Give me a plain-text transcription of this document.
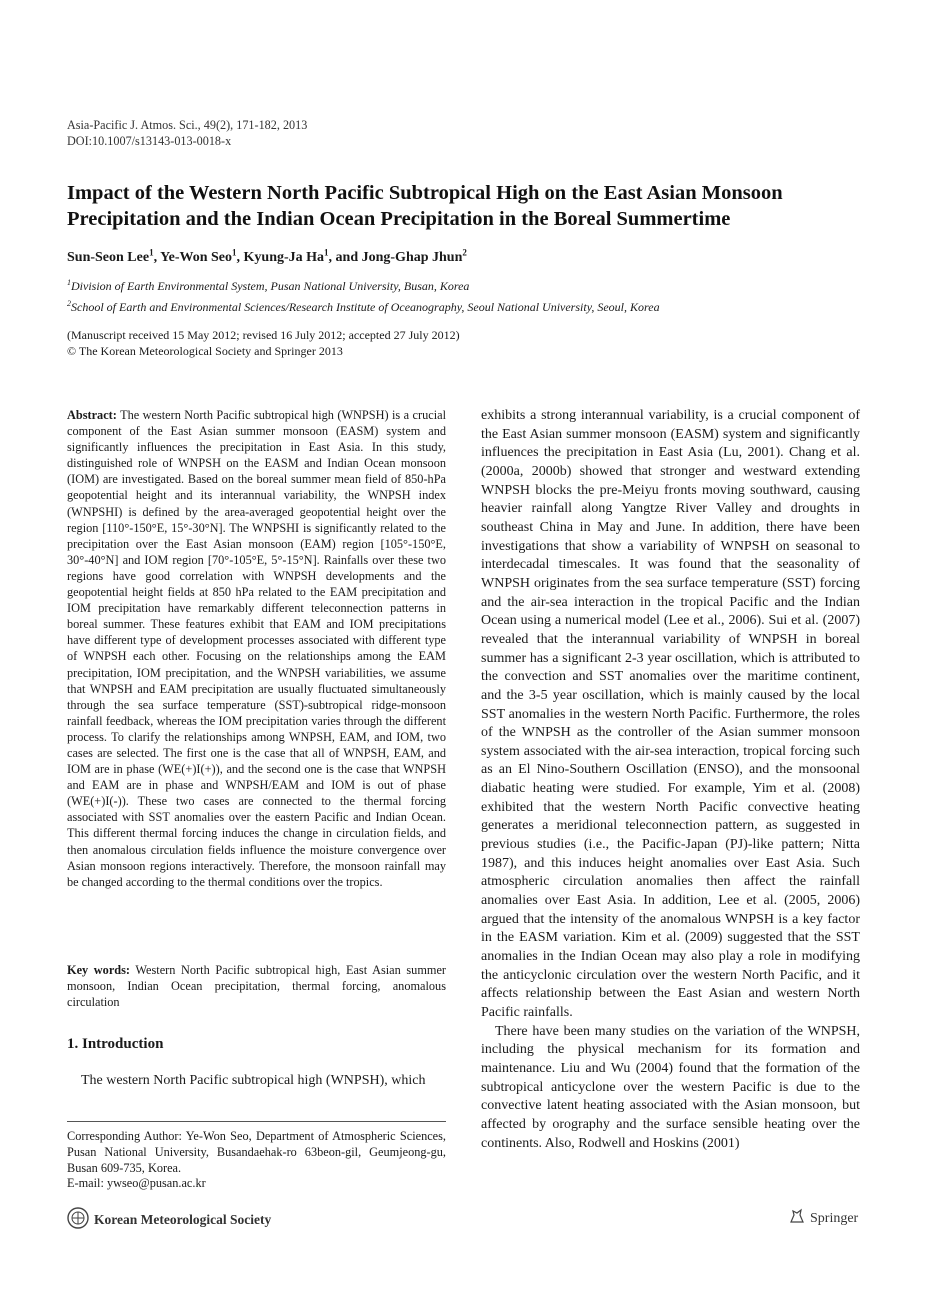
Asia-Pacific J. Atmos. Sci., 49(2), 171-182, 2013
DOI:10.1007/s13143-013-0018-x
Impact of the Western North Pacific Subtropical High on the East Asian Monsoon
Precipitation and the Indian Ocean Precipitation in the Boreal Summertime
Sun-Seon Lee$^1$, Ye-Won Seo$^1$, Kyung-Ja Ha$^1$, and Jong-Ghap Jhun$^2$
$^1$Division of Earth Environmental System, Pusan National University, Busan, Korea
$^2$School of Earth and Environmental Sciences/Research Institute of Oceanography, Seoul National University, Seoul, Korea
(Manuscript received 15 May 2012; revised 16 July 2012; accepted 27 July 2012)
© The Korean Meteorological Society and Springer 2013
Abstract: The western North Pacific subtropical high (WNPSH) is a crucial component of the East Asian summer monsoon (EASM) system and significantly influences the precipitation in East Asia. In this study, distinguished role of WNPSH on the EASM and Indian Ocean monsoon (IOM) are investigated. Based on the boreal summer mean field of 850-hPa geopotential height and its interannual variability, the WNPSH index (WNPSHI) is defined by the area-averaged geopotential height over the region [110°-150°E, 15°-30°N]. The WNPSHI is significantly related to the precipitation over the East Asian monsoon (EAM) region [105°-150°E, 30°-40°N] and IOM region [70°-105°E, 5°-15°N]. Rainfalls over these two regions have good correlation with WNPSH developments and the geopotential height fields at 850 hPa related to the EAM precipitation and IOM precipitation have remarkably different teleconnection patterns in boreal summer. These features exhibit that EAM and IOM precipitations have different type of development processes associated with different type of WNPSH each other. Focusing on the relationships among the EAM precipitation, IOM precipitation, and the WNPSH variabilities, we assume that WNPSH and EAM precipitation are usually fluctuated simultaneously through the sea surface temperature (SST)-subtropical ridge-monsoon rainfall feedback, whereas the IOM precipitation varies through the different process. To clarify the relationships among WNPSH, EAM, and IOM, two cases are selected. The first one is the case that all of WNPSH, EAM, and IOM are in phase (WE(+)I(+)), and the second one is the case that WNPSH and EAM are in phase and WNPSH/EAM and IOM is out of phase (WE(+)I(-)). These two cases are connected to the thermal forcing associated with SST anomalies over the eastern Pacific and Indian Ocean. This different thermal forcing induces the change in circulation fields, and then anomalous circulation fields influence the moisture convergence over Asian monsoon regions interactively. Therefore, the monsoon rainfall may be changed according to the thermal conditions over the tropics.
Key words: Western North Pacific subtropical high, East Asian summer monsoon, Indian Ocean precipitation, thermal forcing, anomalous circulation
1. Introduction
The western North Pacific subtropical high (WNPSH), which
Corresponding Author: Ye-Won Seo, Department of Atmospheric Sciences, Pusan National University, Busandaehak-ro 63beon-gil, Geumjeong-gu, Busan 609-735, Korea.
E-mail: ywseo@pusan.ac.kr

exhibits a strong interannual variability, is a crucial component of the East Asian summer monsoon (EASM) system and significantly influences the precipitation in East Asia (Lu, 2001). Chang et al. (2000a, 2000b) showed that stronger and westward extending WNPSH blocks the pre-Meiyu fronts moving southward, causing heavier rainfall along Yangtze River Valley and droughts in southeast China in May and June. In addition, there have been investigations that show a variability of WNPSH on seasonal to interdecadal timescales. It was found that the seasonality of WNPSH originates from the sea surface temperature (SST) forcing and the air-sea interaction in the tropical Pacific and the Indian Ocean using a numerical model (Lee et al., 2006). Sui et al. (2007) revealed that the interannual variability of WNPSH in boreal summer has a significant 2-3 year oscillation, which is attributed to the convection and SST anomalies over the maritime continent, and the 3-5 year oscillation, which is mainly caused by the local SST anomalies in the western North Pacific. Furthermore, the roles of the WNPSH as the controller of the Asian summer monsoon system associated with the air-sea interaction, tropical forcing such as an El Nino-Southern Oscillation (ENSO), and the monsoonal diabatic heating were studied. For example, Yim et al. (2008) exhibited that the western North Pacific convective heating generates a meridional teleconnection pattern, as suggested in previous studies (i.e., the Pacific-Japan (PJ)-like pattern; Nitta 1987), and this induces height anomalies over East Asia. Such atmospheric circulation anomalies then affect the rainfall anomalies over East Asia. In addition, Lee et al. (2005, 2006) argued that the intensity of the anomalous WNPSH is a key factor in the EASM variation. Kim et al. (2009) suggested that the SST anomalies in the Indian Ocean may also play a role in modifying the anticyclonic circulation over the western North Pacific, and it affects relationship between the East Asian and western North Pacific rainfalls.

There have been many studies on the variation of the WNPSH, including the physical mechanism for its formation and maintenance. Liu and Wu (2004) found that the formation of the subtropical anticyclone over the western Pacific is due to the convective latent heating associated with the Asian monsoon, but affected by orography and the surface sensible heating over the continents. Also, Rodwell and Hoskins (2001)

Korean Meteorological Society	Springer
